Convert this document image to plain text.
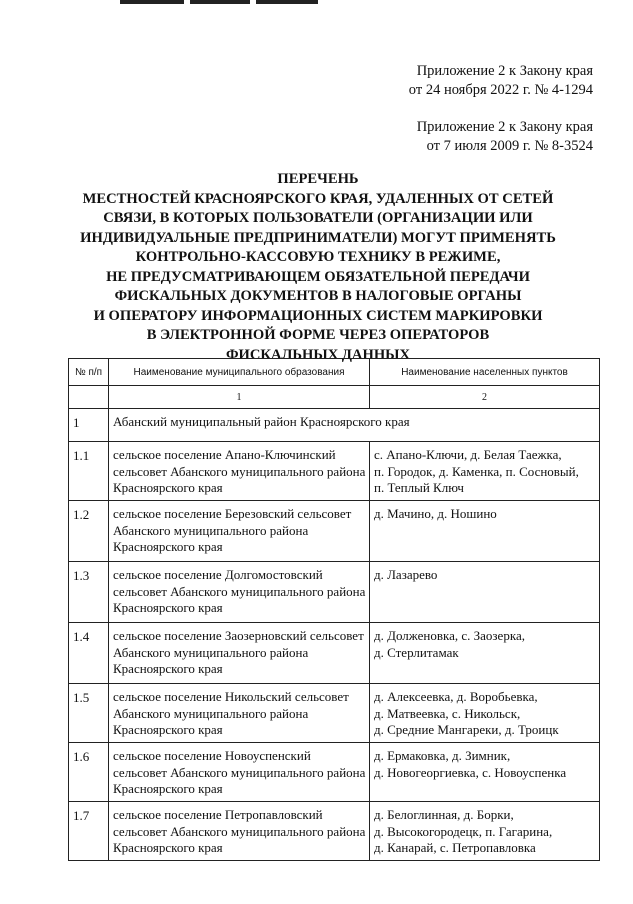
Приложение 2 к Закону края
от 24 ноября 2022 г. № 4-1294
Приложение 2 к Закону края
от 7 июля 2009 г. № 8-3524
ПЕРЕЧЕНЬ
МЕСТНОСТЕЙ КРАСНОЯРСКОГО КРАЯ, УДАЛЕННЫХ ОТ СЕТЕЙ
СВЯЗИ, В КОТОРЫХ ПОЛЬЗОВАТЕЛИ (ОРГАНИЗАЦИИ ИЛИ
ИНДИВИДУАЛЬНЫЕ ПРЕДПРИНИМАТЕЛИ) МОГУТ ПРИМЕНЯТЬ
КОНТРОЛЬНО-КАССОВУЮ ТЕХНИКУ В РЕЖИМЕ,
НЕ ПРЕДУСМАТРИВАЮЩЕМ ОБЯЗАТЕЛЬНОЙ ПЕРЕДАЧИ
ФИСКАЛЬНЫХ ДОКУМЕНТОВ В НАЛОГОВЫЕ ОРГАНЫ
И ОПЕРАТОРУ ИНФОРМАЦИОННЫХ СИСТЕМ МАРКИРОВКИ
В ЭЛЕКТРОННОЙ ФОРМЕ ЧЕРЕЗ ОПЕРАТОРОВ
ФИСКАЛЬНЫХ ДАННЫХ
№ п/п	Наименование муниципального образования	Наименование населенных пунктов
	1	2
1	Абанский муниципальный район Красноярского края	
1.1	сельское поселение Апано-Ключинский
сельсовет Абанского муниципального района
Красноярского края	с. Апано-Ключи, д. Белая Таежка,
п. Городок, д. Каменка, п. Сосновый,
п. Теплый Ключ

1.2	сельское поселение Березовский сельсовет
Абанского муниципального района
Красноярского края	д. Мачино, д. Ношино

1.3	сельское поселение Долгомостовский
сельсовет Абанского муниципального района
Красноярского края	д. Лазарево

1.4	сельское поселение Заозерновский сельсовет
Абанского муниципального района
Красноярского края	д. Долженовка, с. Заозерка,
д. Стерлитамак

1.5	сельское поселение Никольский сельсовет
Абанского муниципального района
Красноярского края	д. Алексеевка, д. Воробьевка,
д. Матвеевка, с. Никольск,
д. Средние Мангареки, д. Троицк

1.6	сельское поселение Новоуспенский
сельсовет Абанского муниципального района
Красноярского края	д. Ермаковка, д. Зимник,
д. Новогеоргиевка, с. Новоуспенка

1.7	сельское поселение Петропавловский
сельсовет Абанского муниципального района
Красноярского края	д. Белоглинная, д. Борки,
д. Высокогородецк, п. Гагарина,
д. Канарай, с. Петропавловка
